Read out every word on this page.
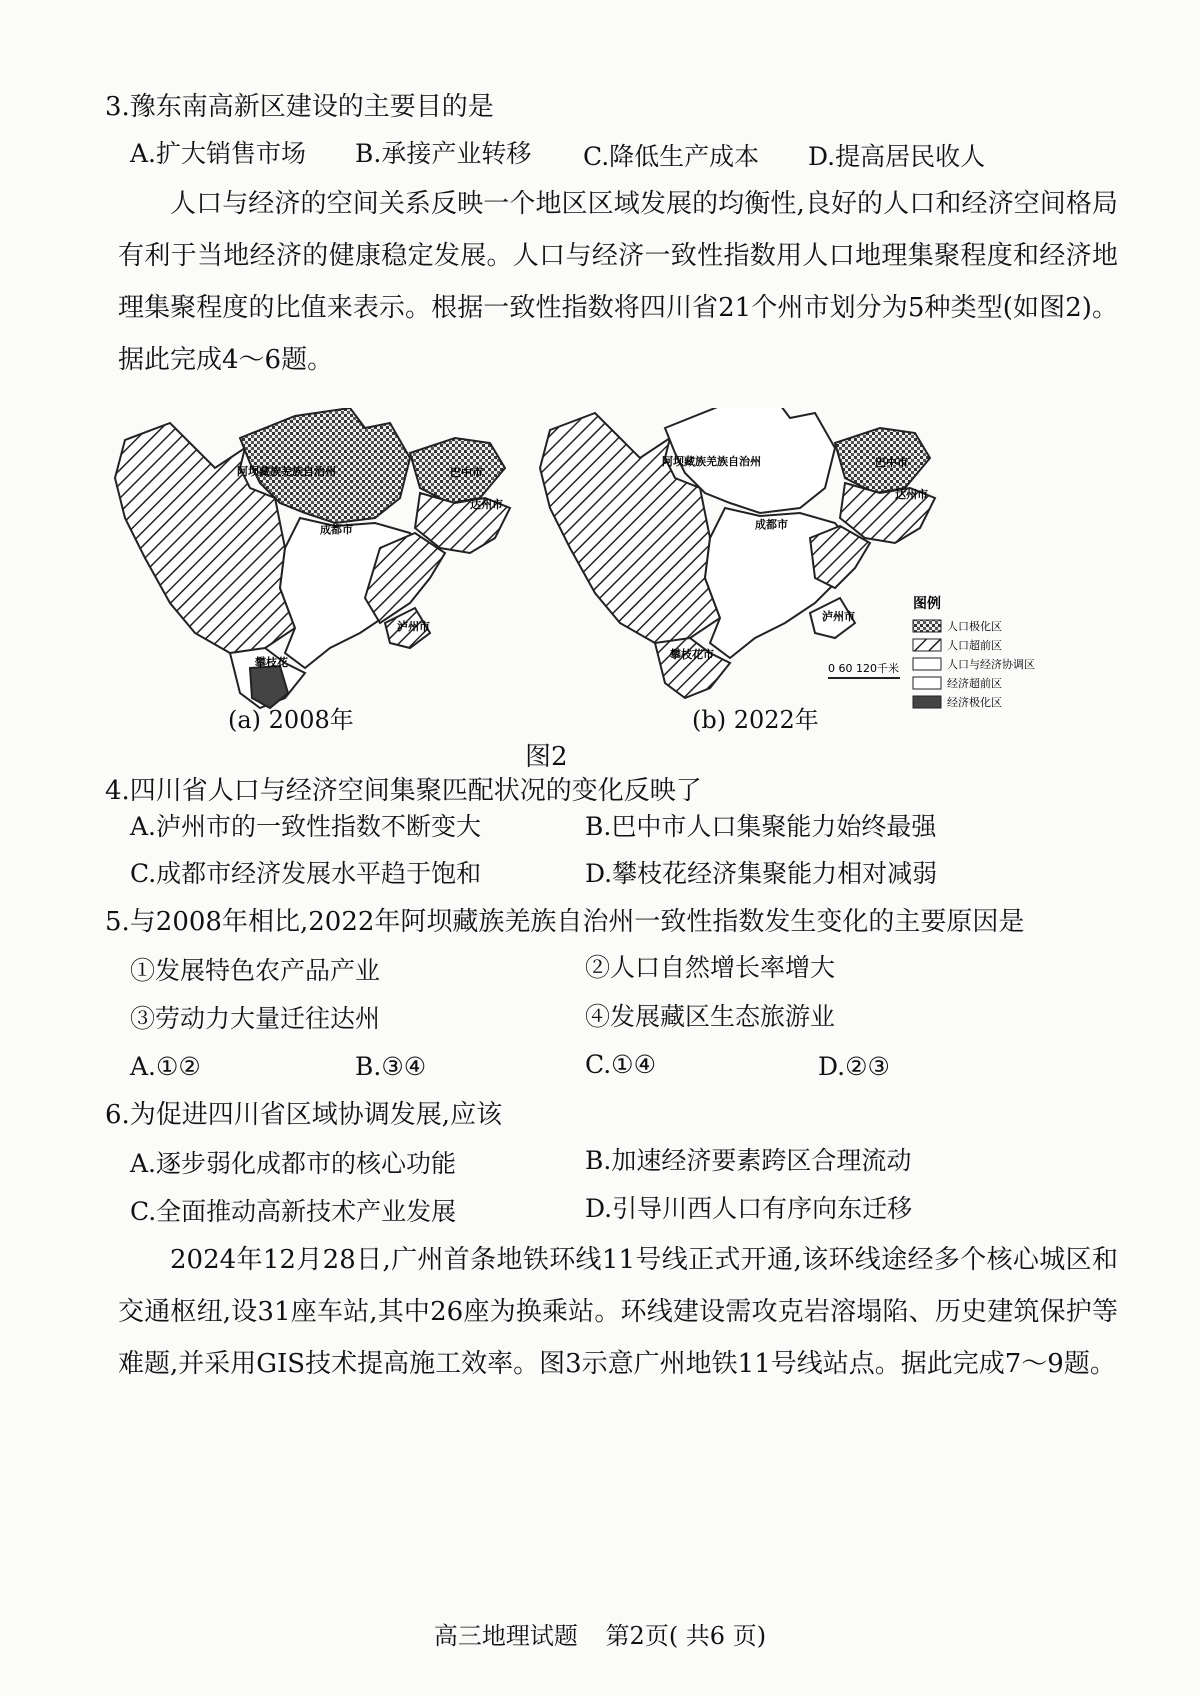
3.豫东南高新区建设的主要目的是
A.扩大销售市场 B.承接产业转移 C.降低生产成本 D.提高居民收人

人口与经济的空间关系反映一个地区区域发展的均衡性,良好的人口和经济空间格局有利于当地经济的健康稳定发展。人口与经济一致性指数用人口地理集聚程度和经济地理集聚程度的比值来表示。根据一致性指数将四川省21个州市划分为5种类型(如图2)。据此完成4～6题。

阿坝藏族羌族自治州	巴中市
达州市
成都市
泸州市
攀枝花
阿坝藏族羌族自治州	巴中市
达州市
成都市
泸州市
攀枝花市
图例
人口极化区
人口超前区
人口与经济协调区
经济超前区
经济极化区
0 60 120千米
(a) 2008年	(b) 2022年
图2
4.四川省人口与经济空间集聚匹配状况的变化反映了
A.泸州市的一致性指数不断变大	B.巴中市人口集聚能力始终最强
C.成都市经济发展水平趋于饱和	D.攀枝花经济集聚能力相对减弱
5.与2008年相比,2022年阿坝藏族羌族自治州一致性指数发生变化的主要原因是
①发展特色农产品产业	②人口自然增长率增大
③劳动力大量迁往达州	④发展藏区生态旅游业
A.①②	B.③④	C.①④	D.②③
6.为促进四川省区域协调发展,应该
A.逐步弱化成都市的核心功能	B.加速经济要素跨区合理流动
C.全面推动高新技术产业发展	D.引导川西人口有序向东迁移

2024年12月28日,广州首条地铁环线11号线正式开通,该环线途经多个核心城区和交通枢纽,设31座车站,其中26座为换乘站。环线建设需攻克岩溶塌陷、历史建筑保护等难题,并采用GIS技术提高施工效率。图3示意广州地铁11号线站点。据此完成7～9题。

高三地理试题 第2页( 共6 页)
